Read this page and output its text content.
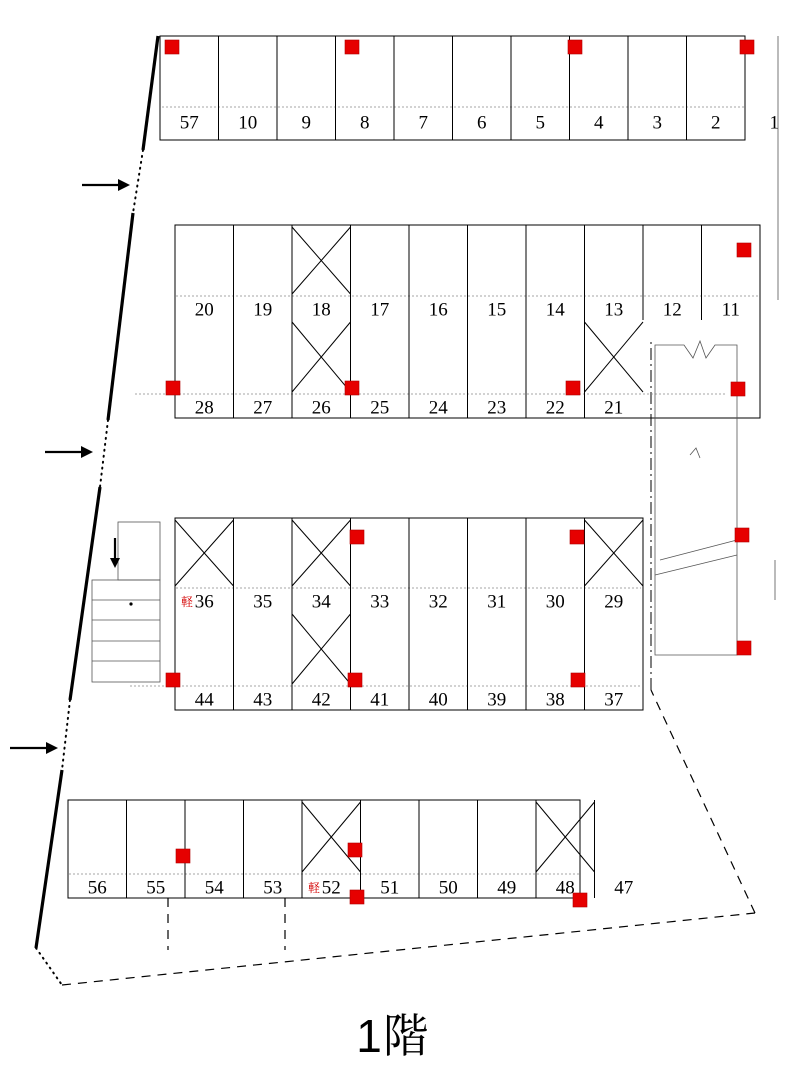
57 10 9	8	7	6	5	4	3	2	1
20 19 18 17 16 15 14 13 12 11
28 27 26 25 24 23 22 21
36
軽	35 34 33 32 31 30 29
44 43 42 41 40 39 38 37
56 55 54 53 52
軽	51 50 49 48 47
1階
